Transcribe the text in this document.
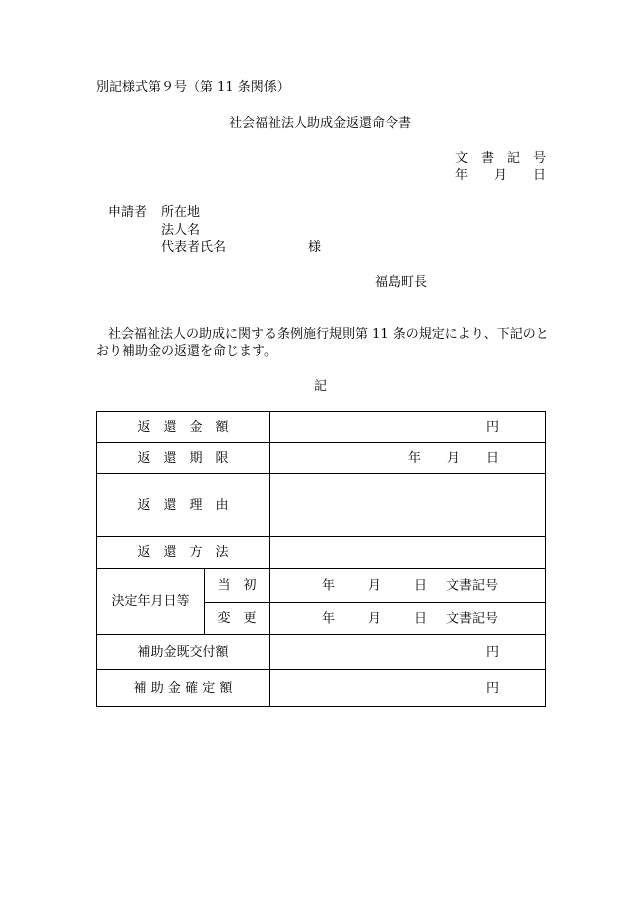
別記様式第９号（第 11 条関係）
社会福祉法人助成金返還命令書
文　書　記　号
年　　月　　日
申請者 所在地
法人名
代表者氏名	様
福島町長
社会福祉法人の助成に関する条例施行規則第 11 条の規定により、下記のと
おり補助金の返還を命じます。
記
返　還　金　額		円
返　還　期　限		年　　月　　日
返　還　理　由		
返　還　方　法		
決定年月日等	当　初	年 月 日 文書記号

	変　更	年 月 日 文書記号

補助金既交付額		円
補 助 金 確 定 額		円
